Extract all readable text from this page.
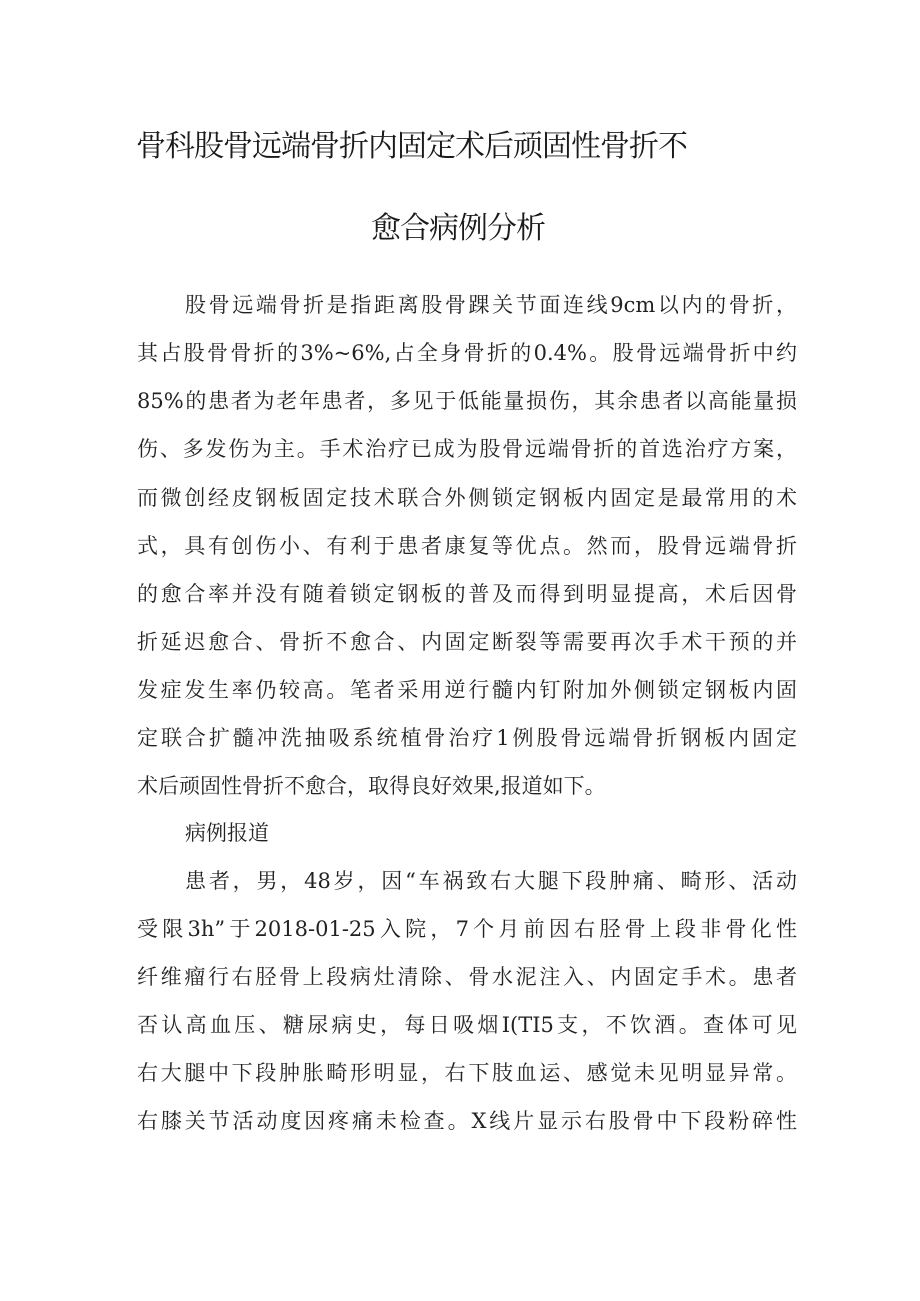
骨科股骨远端骨折内固定术后顽固性骨折不
愈合病例分析
股骨远端骨折是指距离股骨踝关节面连线9cm以内的骨折，
其占股骨骨折的3%~6%,占全身骨折的0.4%。股骨远端骨折中约
85%的患者为老年患者，多见于低能量损伤，其余患者以高能量损
伤、多发伤为主。手术治疗已成为股骨远端骨折的首选治疗方案，
而微创经皮钢板固定技术联合外侧锁定钢板内固定是最常用的术
式，具有创伤小、有利于患者康复等优点。然而，股骨远端骨折
的愈合率并没有随着锁定钢板的普及而得到明显提高，术后因骨
折延迟愈合、骨折不愈合、内固定断裂等需要再次手术干预的并
发症发生率仍较高。笔者采用逆行髓内钉附加外侧锁定钢板内固
定联合扩髓冲洗抽吸系统植骨治疗1例股骨远端骨折钢板内固定
术后顽固性骨折不愈合，取得良好效果,报道如下。
病例报道
患者，男，48岁，因“车祸致右大腿下段肿痛、畸形、活动
受限3h”于2018-01-25入院，7个月前因右胫骨上段非骨化性
纤维瘤行右胫骨上段病灶清除、骨水泥注入、内固定手术。患者
否认高血压、糖尿病史，每日吸烟I(TI5支，不饮酒。查体可见
右大腿中下段肿胀畸形明显，右下肢血运、感觉未见明显异常。
右膝关节活动度因疼痛未检查。X线片显示右股骨中下段粉碎性
